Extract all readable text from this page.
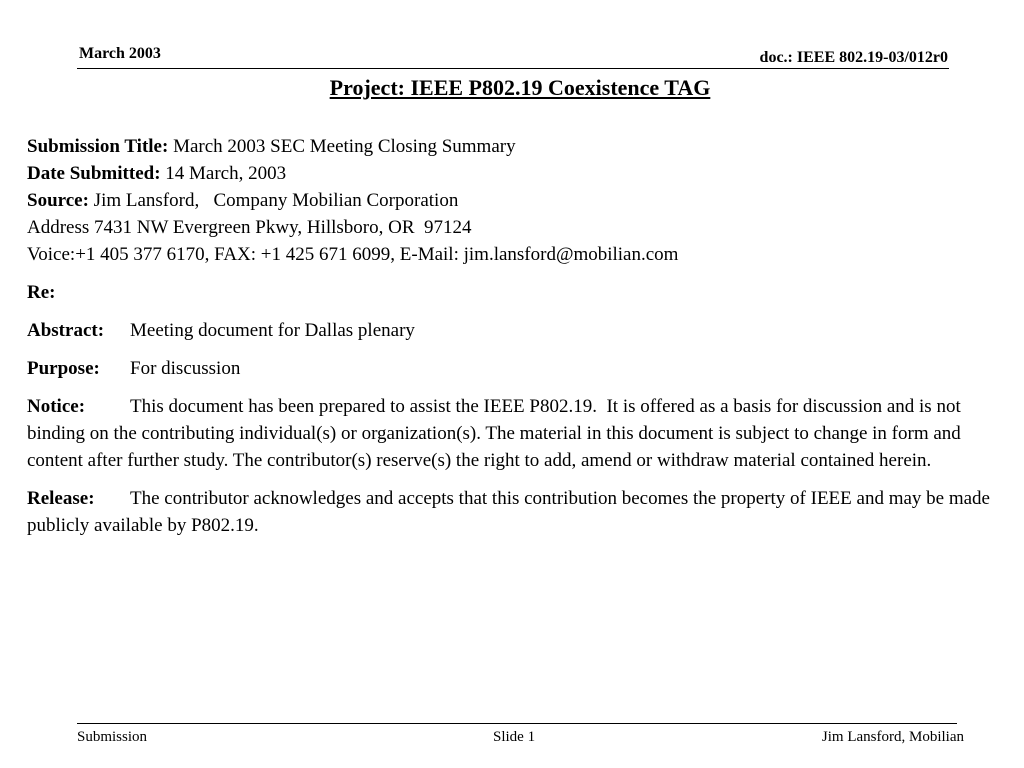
March 2003	doc.: IEEE 802.19-03/012r0
Project: IEEE P802.19 Coexistence TAG
Submission Title: March 2003 SEC Meeting Closing Summary
Date Submitted: 14 March, 2003
Source: Jim Lansford,   Company Mobilian Corporation
Address 7431 NW Evergreen Pkwy, Hillsboro, OR  97124
Voice:+1 405 377 6170, FAX: +1 425 671 6099, E-Mail: jim.lansford@mobilian.com
Re:
Abstract: Meeting document for Dallas plenary
Purpose: For discussion
Notice: This document has been prepared to assist the IEEE P802.19.  It is offered as a basis for discussion and is not binding on the contributing individual(s) or organization(s). The material in this document is subject to change in form and content after further study. The contributor(s) reserve(s) the right to add, amend or withdraw material contained herein.
Release: The contributor acknowledges and accepts that this contribution becomes the property of IEEE and may be made publicly available by P802.19.
Submission	Slide 1	Jim Lansford, Mobilian
